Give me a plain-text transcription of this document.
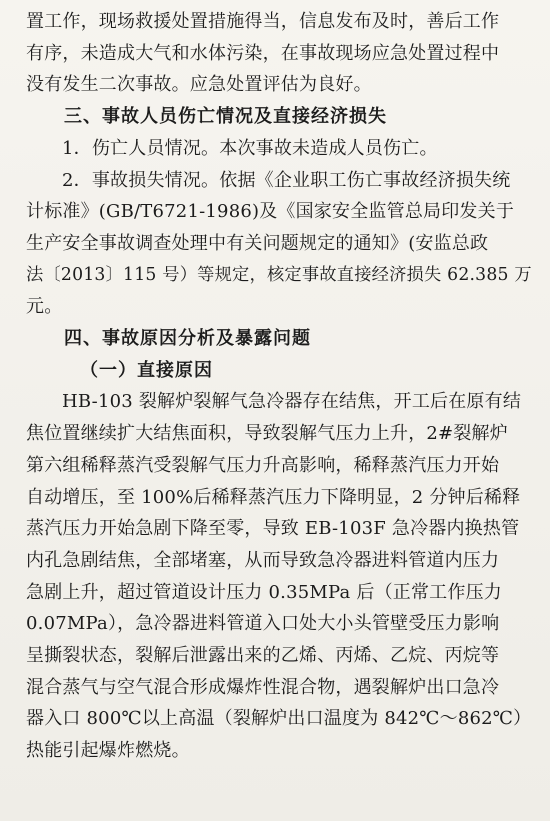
置工作，现场救援处置措施得当，信息发布及时，善后工作
有序，未造成大气和水体污染，在事故现场应急处置过程中
没有发生二次事故。应急处置评估为良好。
三、事故人员伤亡情况及直接经济损失
1．伤亡人员情况。本次事故未造成人员伤亡。
2．事故损失情况。依据《企业职工伤亡事故经济损失统
计标准》(GB/T6721-1986)及《国家安全监管总局印发关于
生产安全事故调查处理中有关问题规定的通知》(安监总政
法〔2013〕115 号）等规定，核定事故直接经济损失 62.385 万
元。
四、事故原因分析及暴露问题
（一）直接原因
HB-103 裂解炉裂解气急冷器存在结焦，开工后在原有结
焦位置继续扩大结焦面积，导致裂解气压力上升，2#裂解炉
第六组稀释蒸汽受裂解气压力升高影响，稀释蒸汽压力开始
自动增压，至 100%后稀释蒸汽压力下降明显，2 分钟后稀释
蒸汽压力开始急剧下降至零，导致 EB-103F 急冷器内换热管
内孔急剧结焦，全部堵塞，从而导致急冷器进料管道内压力
急剧上升，超过管道设计压力 0.35MPa 后（正常工作压力
0.07MPa），急冷器进料管道入口处大小头管壁受压力影响
呈撕裂状态，裂解后泄露出来的乙烯、丙烯、乙烷、丙烷等
混合蒸气与空气混合形成爆炸性混合物，遇裂解炉出口急冷
器入口 800℃以上高温（裂解炉出口温度为 842℃～862℃）
热能引起爆炸燃烧。
